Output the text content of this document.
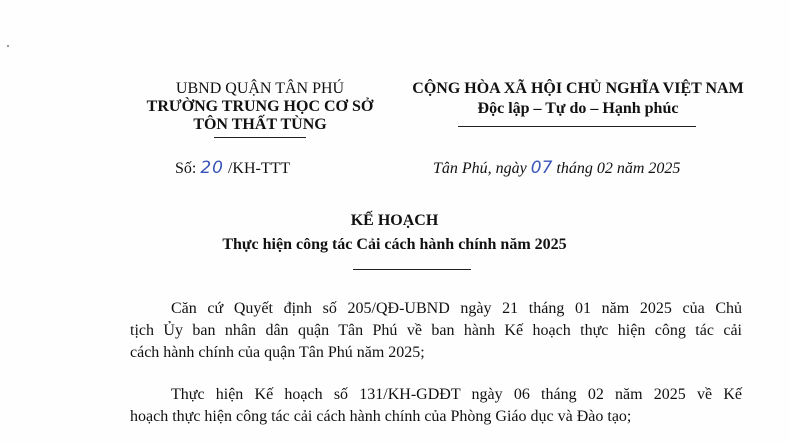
UBND QUẬN TÂN PHÚ
TRƯỜNG TRUNG HỌC CƠ SỞ
TÔN THẤT TÙNG
CỘNG HÒA XÃ HỘI CHỦ NGHĨA VIỆT NAM
Độc lập – Tự do – Hạnh phúc
Số: 20 /KH-TTT	Tân Phú, ngày 07 tháng 02 năm 2025
KẾ HOẠCH
Thực hiện công tác Cải cách hành chính năm 2025
Căn cứ Quyết định số 205/QĐ-UBND ngày 21 tháng 01 năm 2025 của Chủ
tịch Ủy ban nhân dân quận Tân Phú về ban hành Kế hoạch thực hiện công tác cải
cách hành chính của quận Tân Phú năm 2025;
Thực hiện Kế hoạch số 131/KH-GDĐT ngày 06 tháng 02 năm 2025 về Kế
hoạch thực hiện công tác cải cách hành chính của Phòng Giáo dục và Đào tạo;
